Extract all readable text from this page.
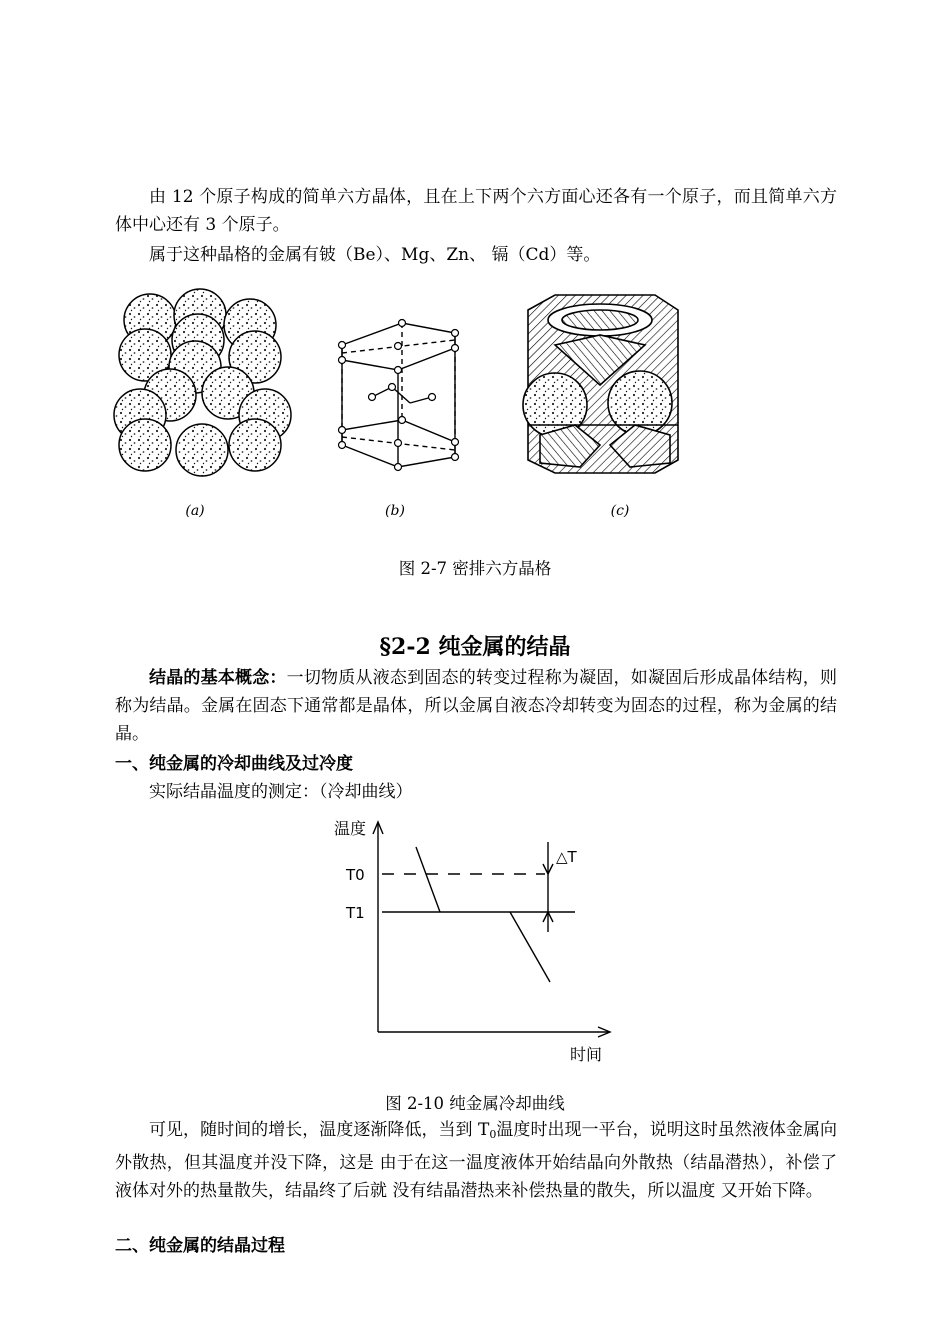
由 12 个原子构成的简单六方晶体，且在上下两个六方面心还各有一个原子，而且简单六方体中心还有 3 个原子。

属于这种晶格的金属有铍（Be）、Mg、Zn、 镉（Cd）等。

(a)	(b)	(c)

图 2-7 密排六方晶格

§2-2 纯金属的结晶

结晶的基本概念：一切物质从液态到固态的转变过程称为凝固，如凝固后形成晶体结构，则称为结晶。金属在固态下通常都是晶体，所以金属自液态冷却转变为固态的过程，称为金属的结晶。

一、纯金属的冷却曲线及过冷度

实际结晶温度的测定：（冷却曲线）

温度
T0
T1
△T
时间

图 2-10 纯金属冷却曲线

可见，随时间的增长，温度逐渐降低，当到 $T_0$温度时出现一平台，说明这时虽然液体金属向外散热，但其温度并没下降，这是 由于在这一温度液体开始结晶向外散热（结晶潜热），补偿了液体对外的热量散失，结晶终了后就 没有结晶潜热来补偿热量的散失，所以温度 又开始下降。

二、纯金属的结晶过程
